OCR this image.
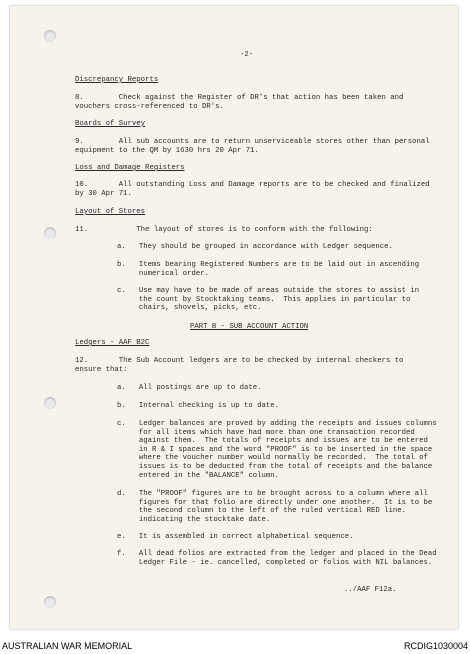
-2-
Discrepancy Reports
8.        Check against the Register of DR's that action has been taken and
vouchers cross-referenced to DR's.
Boards of Survey
9.        All sub accounts are to return unserviceable stores other than personal
equipment to the QM by 1630 hrs 20 Apr 71.
Loss and Damage Registers
10.       All outstanding Loss and Damage reports are to be checked and finalized
by 30 Apr 71.
Layout of Stores
11.           The layout of stores is to conform with the following:
a.   They should be grouped in accordance with Ledger sequence.
b.   Items bearing Registered Numbers are to be laid out in ascending
numerical order.
c.   Use may have to be made of areas outside the stores to assist in
the count by Stocktaking teams.  This applies in particular to
chairs, shovels, picks, etc.
PART B - SUB ACCOUNT ACTION
Ledgers - AAF B2C
12.       The Sub Account ledgers are to be checked by internal checkers to
ensure that:
a.   All postings are up to date.
b.   Internal checking is up to date.
c.   Ledger balances are proved by adding the receipts and issues columns
for all items which have had more than one transaction recorded
against them.  The totals of receipts and issues are to be entered
in R & I spaces and the word "PROOF" is to be inserted in the space
where the voucher number would normally be recorded.  The total of
issues is to be deducted from the total of receipts and the balance
entered in the "BALANCE" column.
d.   The "PROOF" figures are to be brought across to a column where all
figures for that folio are directly under one another.  It is to be
the second column to the left of the ruled vertical RED line.
indicating the stocktake date.
e.   It is assembled in correct alphabetical sequence.
f.   All dead folios are extracted from the ledger and placed in the Dead
Ledger File - ie. cancelled, completed or folios with NIL balances.
../AAF F12a.
AUSTRALIAN WAR MEMORIAL	RCDIG1030004
